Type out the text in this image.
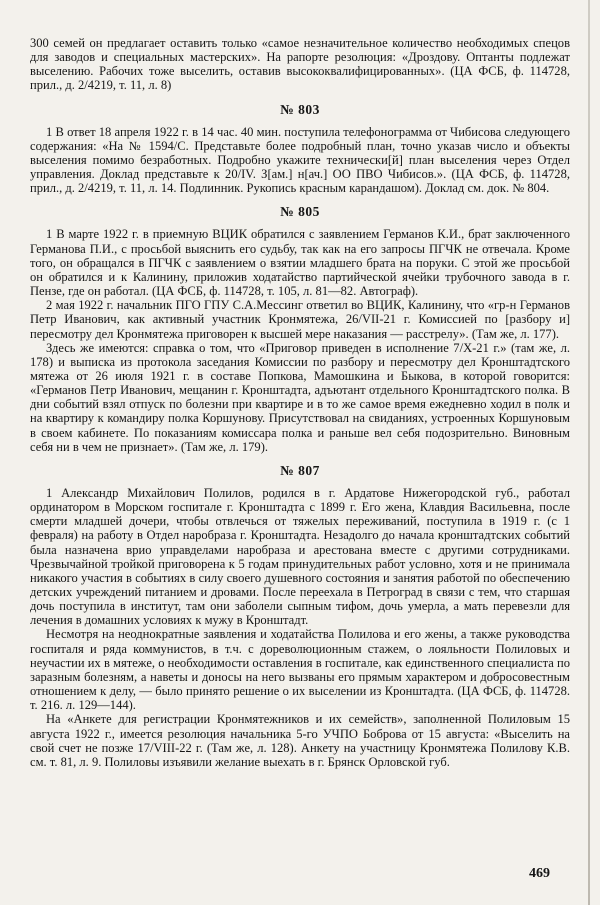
300 семей он предлагает оставить только «самое незначительное количество необходимых спецов для заводов и специальных мастерских». На рапорте резолюция: «Дроздову. Оптанты подлежат выселению. Рабочих тоже выселить, оставив высококвалифицированных». (ЦА ФСБ, ф. 114728, прил., д. 2/4219, т. 11, л. 8)

№ 803

1 В ответ 18 апреля 1922 г. в 14 час. 40 мин. поступила телефонограмма от Чибисова следующего содержания: «На № 1594/С. Представьте более подробный план, точно указав число и объекты выселения помимо безработных. Подробно укажите технически[й] план выселения через Отдел управления. Доклад представьте к 20/IV. З[ам.] н[ач.] ОО ПВО Чибисов.». (ЦА ФСБ, ф. 114728, прил., д. 2/4219, т. 11, л. 14. Подлинник. Рукопись красным карандашом). Доклад см. док. № 804.

№ 805

1 В марте 1922 г. в приемную ВЦИК обратился с заявлением Германов К.И., брат заключенного Германова П.И., с просьбой выяснить его судьбу, так как на его запросы ПГЧК не отвечала. Кроме того, он обращался в ПГЧК с заявлением о взятии младшего брата на поруки. С этой же просьбой он обратился и к Калинину, приложив ходатайство партийческой ячейки трубочного завода в г. Пензе, где он работал. (ЦА ФСБ, ф. 114728, т. 105, л. 81—82. Автограф).

2 мая 1922 г. начальник ПГО ГПУ С.А.Мессинг ответил во ВЦИК, Калинину, что «гр-н Германов Петр Иванович, как активный участник Кронмятежа, 26/VII-21 г. Комиссией по [разбору и] пересмотру дел Кронмятежа приговорен к высшей мере наказания — расстрелу». (Там же, л. 177).

Здесь же имеются: справка о том, что «Приговор приведен в исполнение 7/Х-21 г.» (там же, л. 178) и выписка из протокола заседания Комиссии по разбору и пересмотру дел Кронштадтского мятежа от 26 июля 1921 г. в составе Попкова, Мамошкина и Быкова, в которой говорится: «Германов Петр Иванович, мещанин г. Кронштадта, адъютант отдельного Кронштадтского полка. В дни событий взял отпуск по болезни при квартире и в то же самое время ежедневно ходил в полк и на квартиру к командиру полка Коршунову. Присутствовал на свиданиях, устроенных Коршуновым в своем кабинете. По показаниям комиссара полка и раньше вел себя подозрительно. Виновным себя ни в чем не признает». (Там же, л. 179).

№ 807

1 Александр Михайлович Полилов, родился в г. Ардатове Нижегородской губ., работал ординатором в Морском госпитале г. Кронштадта с 1899 г. Его жена, Клавдия Васильевна, после смерти младшей дочери, чтобы отвлечься от тяжелых переживаний, поступила в 1919 г. (с 1 февраля) на работу в Отдел наробраза г. Кронштадта. Незадолго до начала кронштадтских событий была назначена врио управделами наробраза и арестована вместе с другими сотрудниками. Чрезвычайной тройкой приговорена к 5 годам принудительных работ условно, хотя и не принимала никакого участия в событиях в силу своего душевного состояния и занятия работой по обеспечению детских учреждений питанием и дровами. После переехала в Петроград в связи с тем, что старшая дочь поступила в институт, там они заболели сыпным тифом, дочь умерла, а мать перевезли для лечения в домашних условиях к мужу в Кронштадт.

Несмотря на неоднократные заявления и ходатайства Полилова и его жены, а также руководства госпиталя и ряда коммунистов, в т.ч. с дореволюционным стажем, о лояльности Полиловых и неучастии их в мятеже, о необходимости оставления в госпитале, как единственного специалиста по заразным болезням, а наветы и доносы на него вызваны его прямым характером и добросовестным отношением к делу, — было принято решение о их выселении из Кронштадта. (ЦА ФСБ, ф. 114728. т. 216. л. 129—144).

На «Анкете для регистрации Кронмятежников и их семейств», заполненной Полиловым 15 августа 1922 г., имеется резолюция начальника 5-го УЧПО Боброва от 15 августа: «Выселить на свой счет не позже 17/VIII-22 г. (Там же, л. 128). Анкету на участницу Кронмятежа Полилову К.В. см. т. 81, л. 9. Полиловы изъявили желание выехать в г. Брянск Орловской губ.

469
